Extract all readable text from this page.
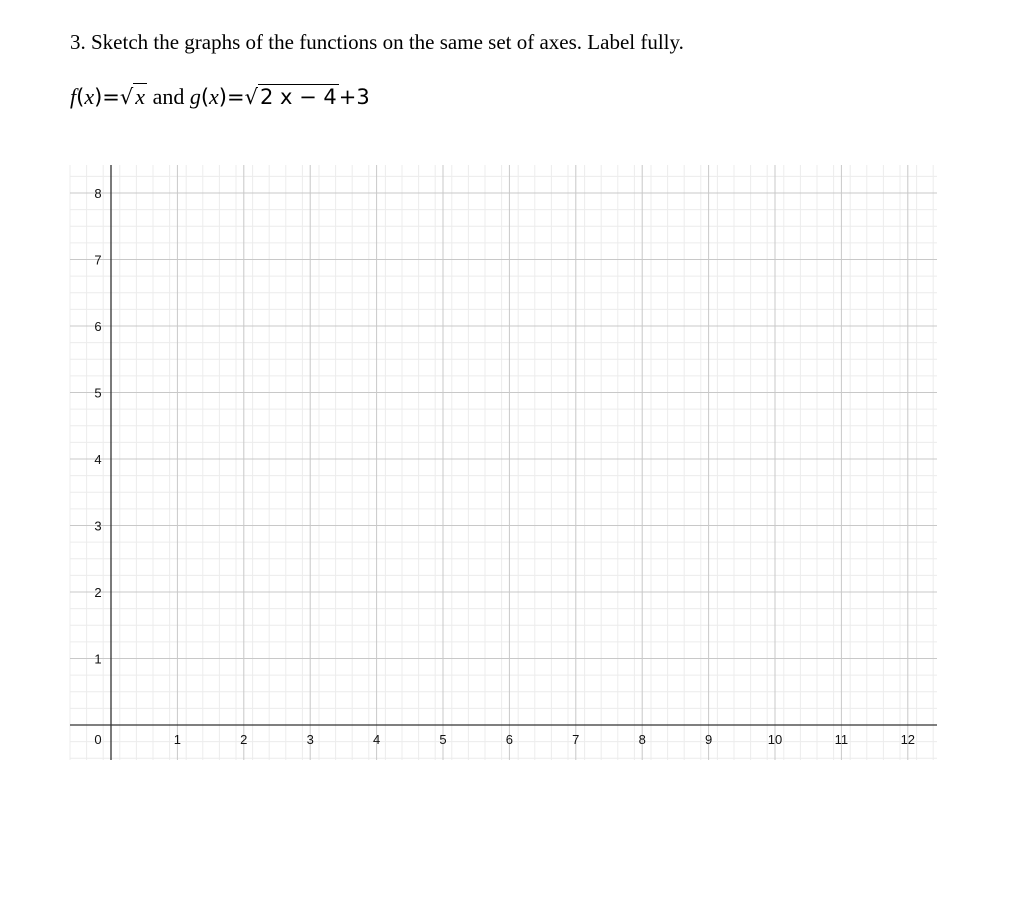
3. Sketch the graphs of the functions on the same set of axes. Label fully.
f(x)=√x and g(x)=√2 x − 4+3
0	1	2	3	4	5	6	7	8	9	10	11	12
1
2
3
4
5
6
7
8
